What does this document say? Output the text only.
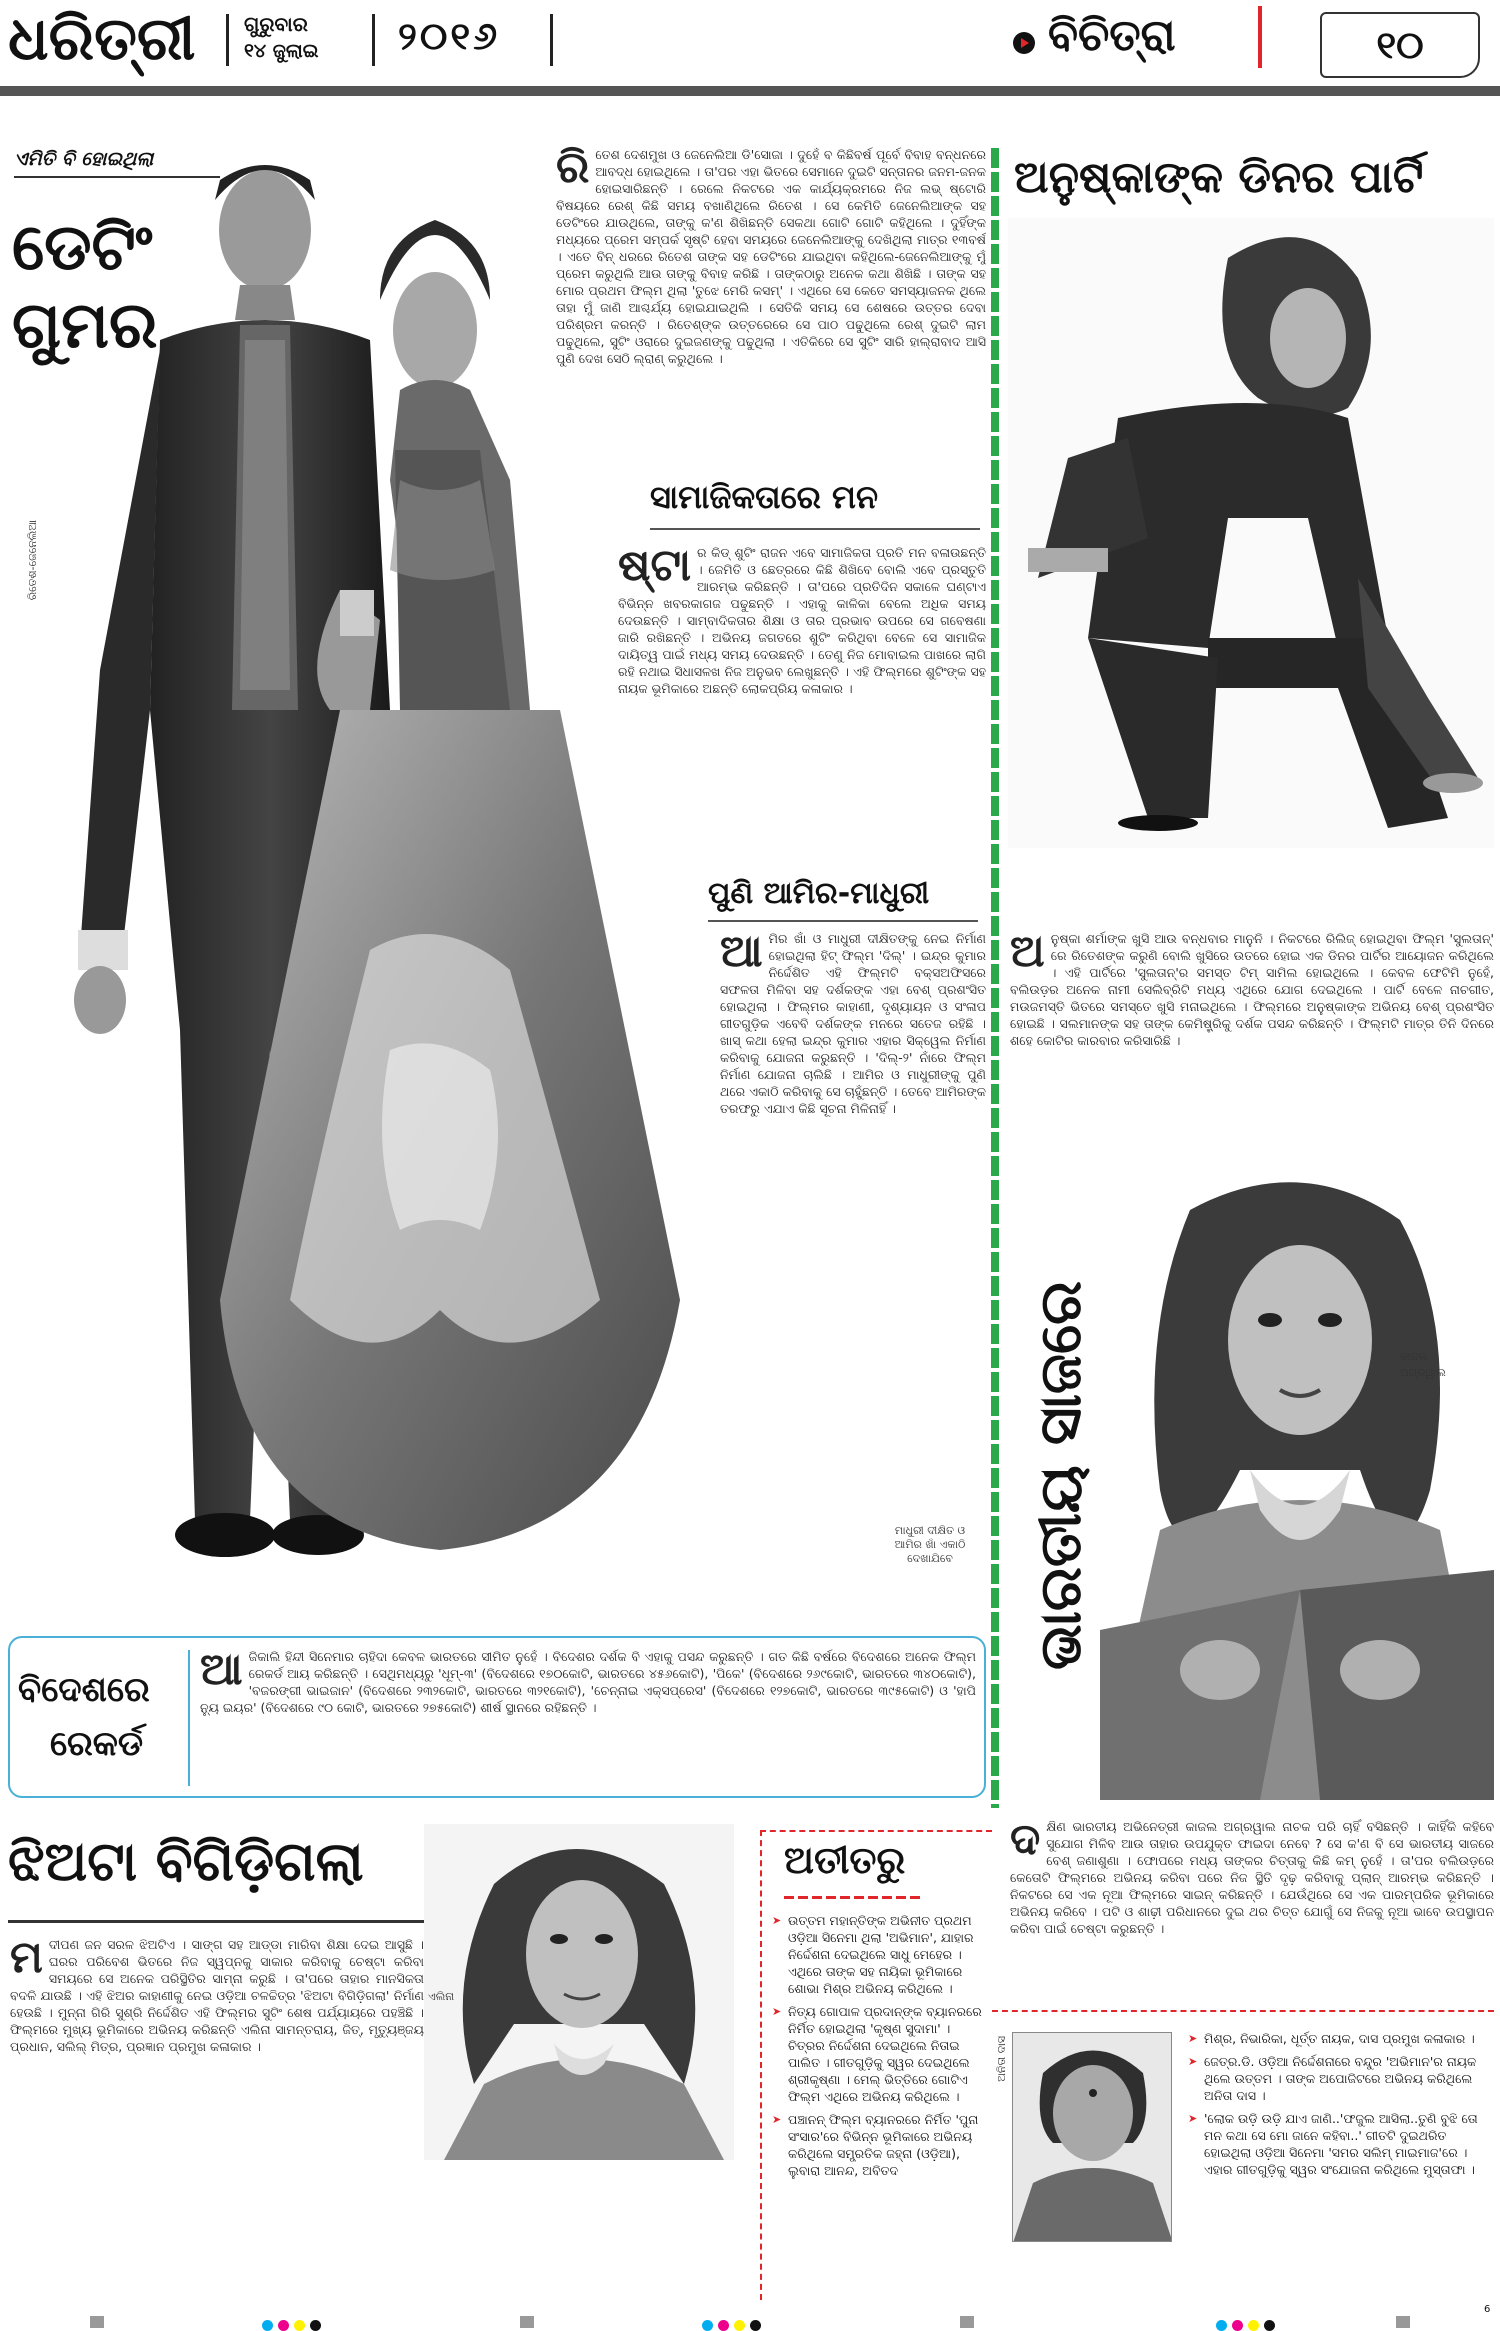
ଧରିତ୍ରୀ ଗୁରୁବାର
୧୪ ଜୁଲାଇ ୨୦୧୬	ବିଚିତ୍ରା	୧୦
ଏମିତି ବି ହୋଇଥିଲା
ଡେଟିଂ
ଗୁମର
ରିତେଶ-ଜେନେଲିଆ
ରିତେଶ ଦେଶମୁଖ ଓ ଜେନେଲିଆ ଡି'ସୋଜା । ଦୁହେଁ ବ କିଛିବର୍ଷ ପୂର୍ବେ ବିବାହ ବନ୍ଧନରେ ଆବଦ୍ଧ ହୋଇଥିଲେ । ତା'ପର ଏହା ଭିତରେ ସେମାନେ ଦୁଇଟି ସନ୍ତାନର ଜନମ-ଜନକ ହୋଇସାରିଛନ୍ତି । ରେଲେ ନିକଟରେ ଏକ କାର୍ଯ୍ୟକ୍ରମରେ ନିଜ ଲଭ୍ ଷ୍ଟୋରି ବିଷୟରେ ରେଶ୍ କିଛି ସମୟ ବଖାଣିଥିଲେ ରିତେଶ । ସେ କେମିତି ଜେନେଲିଆଙ୍କ ସହ ଡେଟିଂରେ ଯାଉଥିଲେ, ତାଙ୍କୁ କ'ଣ ଶିଖିଛନ୍ତି ସେକଥା ଗୋଟି ଗୋଟି କହିଥିଲେ । ଦୁହିଁଙ୍କ ମଧ୍ୟରେ ପ୍ରେମ ସମ୍ପର୍କ ସୃଷ୍ଟି ହେବା ସମୟରେ ଜେନେଲିଆଙ୍କୁ ଦେଖିଥିଲା ମାତ୍ର ୧୩ବର୍ଷ । ଏତେ ବିନ୍ ଧରରେ ରିତେଶ ତାଙ୍କ ସହ ଡେଟିଂରେ ଯାଇଥିବା କହିଥିଲେ-ଜେନେଲିଆଙ୍କୁ ମୁଁ ପ୍ରେମ କରୁଥିଲି ଆଉ ତାଙ୍କୁ ବିବାହ କରିଛି । ତାଙ୍କଠାରୁ ଅନେକ କଥା ଶିଖିଛି । ତାଙ୍କ ସହ ମୋର ପ୍ରଥମ ଫିଲ୍ମ ଥିଲା 'ତୁଝେ ମେରି କସମ୍' । ଏଥିରେ ସେ କେତେ ସମସ୍ୟାଜନକ ଥିଲେ ତାହା ମୁଁ ଜାଣି ଆଶ୍ଚର୍ଯ୍ୟ ହୋଇଯାଇଥିଲି । ସେତିକି ସମୟ ସେ ଶେଷରେ ଉତ୍ତର ଦେବା ପରିଶ୍ରମ କରନ୍ତି । ରିତେଶ୍ଙ୍କ ଉତ୍ତରେରେ ସେ ପାଠ ପଢୁଥିଲେ ରେଶ୍ ଦୁଇଟି ଲାମ ପଢୁଥିଲେ, ସୁଟିଂ ଓରାରେ ଦୁଇଜଣଙ୍କୁ ପଢୁଥିଲା । ଏତିକିରେ ସେ ସୁଟିଂ ସାରି ହାଲ୍ରାବାଦ ଆସି ପୁଣି ଦେଖ ସେଠି ଲ୍ରାଣ୍ କରୁଥିଲେ ।
ସାମାଜିକତାରେ ମନ
ଷ୍ଟା ର କିଡ୍ ଶୁଟିଂ ରାଜନ ଏବେ ସାମାଜିକତା ପ୍ରତି ମନ ବଳାଉଛନ୍ତି । ଜେମିତି ଓ ଛେତ୍ରରେ କିଛି ଶିଖିବେ ବୋଲି ଏବେ ପ୍ରସ୍ତୁତି ଆରମ୍ଭ କରିଛନ୍ତି । ତା'ପରେ ପ୍ରତିଦିନ ସକାଳେ ଘଣ୍ଟାଏ ବିଭିନ୍ନ ଖବରକାଗଜ ପଢୁଛନ୍ତି । ଏହାକୁ କାଳିକା ବେଲେ ଅଧିକ ସମୟ ଦେଉଛନ୍ତି । ସାମ୍ବାଦିକତାର ଶିକ୍ଷା ଓ ତାର ପ୍ରଭାବ ଉପରେ ସେ ଗବେଷଣା ଜାରି ରଖିଛନ୍ତି । ଅଭିନୟ ଜଗତରେ ଶୁଟିଂ କରିଥିବା ବେଳେ ସେ ସାମାଜିକ ଦାୟିତ୍ୱ ପାଇଁ ମଧ୍ୟ ସମୟ ଦେଉଛନ୍ତି । ତେଣୁ ନିଜ ମୋବାଇଲ ପାଖରେ ଲାଗି ରହି ନଥାଇ ସିଧାସଳଖ ନିଜ ଅନୁଭବ ଲେଖୁଛନ୍ତି । ଏହି ଫିଲ୍ମରେ ଶୁଟିଂଙ୍କ ସହ ନାୟକ ଭୂମିକାରେ ଅଛନ୍ତି ଲୋକପ୍ରିୟ କଳାକାର ।
ପୁଣି ଆମିର-ମାଧୁରୀ
ଆମିର ଖାଁ ଓ ମାଧୁରୀ ଦୀକ୍ଷିତଙ୍କୁ ନେଇ ନିର୍ମାଣ ହୋଇଥିଲା ହିଟ୍ ଫିଲ୍ମ 'ଦିଲ୍' । ଇନ୍ଦ୍ର କୁମାର ନିର୍ଦ୍ଦେଶିତ ଏହି ଫିଲ୍ମଟି ବକ୍ସଅଫିସରେ ସଫଳତା ମିଳିବା ସହ ଦର୍ଶକଙ୍କ ଏହା ବେଶ୍ ପ୍ରଶଂସିତ ହୋଇଥିଲା । ଫିଲ୍ମର କାହାଣୀ, ଦୃଶ୍ୟାୟନ ଓ ସଂଳାପ ଗୀତଗୁଡ଼ିକ ଏବେବି ଦର୍ଶକଙ୍କ ମନରେ ସତେଜ ରହିଛି । ଖାସ୍ କଥା ହେଲା ଇନ୍ଦ୍ର କୁମାର ଏହାର ସିକ୍ୱେଲ ନିର୍ମାଣ କରିବାକୁ ଯୋଜନା କରୁଛନ୍ତି । 'ଦିଲ୍-୨' ନାଁରେ ଫିଲ୍ମ ନିର୍ମାଣ ଯୋଜନା ଚାଲିଛି । ଆମିର ଓ ମାଧୁରୀଙ୍କୁ ପୁଣି ଥରେ ଏକାଠି କରିବାକୁ ସେ ଚାହୁଁଛନ୍ତି । ତେବେ ଆମିରଙ୍କ ତରଫରୁ ଏଯାଏ କିଛି ସୂଚନା ମିଳିନାହିଁ ।
ମାଧୁରୀ ଦୀକ୍ଷିତ ଓ ଆମିର ଖାଁ ଏକାଠି ଦେଖାଯିବେ
ଅନୁଷ୍କାଙ୍କ ଡିନର ପାର୍ଟି
ଅନୁଷ୍କା ଶର୍ମାଙ୍କ ଖୁସି ଆଉ ବନ୍ଧବାର ମାନୁନି । ନିକଟରେ ରିଲିଜ୍ ହୋଇଥିବା ଫିଲ୍ମ 'ସୁଲତାନ୍' ରେ ରିତେଶଙ୍କ କରୁଣି ବୋଲି ଖୁସିରେ ଉତରେ ହୋଇ ଏକ ଡିନର ପାର୍ଟିର ଆୟୋଜନ କରିଥିଲେ । ଏହି ପାର୍ଟିରେ 'ସୁଲତାନ୍'ର ସମସ୍ତ ଟିମ୍ ସାମିଲ ହୋଇଥିଲେ । କେବଳ ଫେଟିମି ନୁହେଁ, ବଲିଉଡ଼ର ଅନେକ ନାମୀ ସେଲିବ୍ରିଟି ମଧ୍ୟ ଏଥିରେ ଯୋଗ ଦେଇଥିଲେ । ପାର୍ଟି ବେଳେ ନାଚଗୀତ, ମଉଜମସ୍ତି ଭିତରେ ସମସ୍ତେ ଖୁସି ମନାଇଥିଲେ । ଫିଲ୍ମରେ ଅନୁଷ୍କାଙ୍କ ଅଭିନୟ ବେଶ୍ ପ୍ରଶଂସିତ ହୋଇଛି । ସଲମାନଙ୍କ ସହ ତାଙ୍କ କେମିଷ୍ଟ୍ରିକୁ ଦର୍ଶକ ପସନ୍ଦ କରିଛନ୍ତି । ଫିଲ୍ମଟି ମାତ୍ର ତିନି ଦିନରେ ଶହେ କୋଟିର କାରବାର କରିସାରିଛି ।
ଭାରତୀୟ ସାଜରେ	କାଜଲ
ଅଗ୍ରୱାଲ
ଦକ୍ଷିଣ ଭାରତୀୟ ଅଭିନେତ୍ରୀ କାଜଲ ଅଗ୍ରୱାଲ ନାଚକ ପରି ଚାହିଁ ବସିଛନ୍ତି । କାହିଁକି କହିବେ ସୁଯୋଗ ମିଳିବ ଆଉ ତାହାର ଉପଯୁକ୍ତ ଫାଇଦା ନେବେ ? ସେ କ'ଣ ବି ସେ ଭାରତୀୟ ସାଜରେ ବେଶ୍ ଜଣାଶୁଣା । ଫୋପରେ ମଧ୍ୟ ତାଙ୍କର ଚିତ୍ତାକୁ କିଛି କମ୍ ନୁହେଁ । ତା'ପର ବଲିଉଡ଼ରେ କେତୋଟି ଫିଲ୍ମରେ ଅଭିନୟ କରିବା ପରେ ନିଜ ସ୍ଥିତି ଦୃଢ଼ କରିବାକୁ ପ୍ଲାନ୍ ଆରମ୍ଭ କରିଛନ୍ତି । ନିକଟରେ ସେ ଏକ ନୂଆ ଫିଲ୍ମରେ ସାଇନ୍ କରିଛନ୍ତି । ଯେଉଁଥିରେ ସେ ଏକ ପାରମ୍ପରିକ ଭୂମିକାରେ ଅଭିନୟ କରିବେ । ପଟି ଓ ଶାଢ଼ୀ ପରିଧାନରେ ଦୁଇ ଥର ଚିତ୍ତ ଯୋଗୁଁ ସେ ନିଜକୁ ନୂଆ ଭାବେ ଉପସ୍ଥାପନ କରିବା ପାଇଁ ଚେଷ୍ଟା କରୁଛନ୍ତି ।
ବିଦେଶରେ
ରେକର୍ଡ
ଆଜିକାଲି ହିନ୍ଦୀ ସିନେମାର ଚାହିଦା କେବଳ ଭାରତରେ ସୀମିତ ନୁହେଁ । ବିଦେଶର ଦର୍ଶକ ବି ଏହାକୁ ପସନ୍ଦ କରୁଛନ୍ତି । ଗତ କିଛି ବର୍ଷରେ ବିଦେଶରେ ଅନେକ ଫିଲ୍ମ ରେକର୍ଡ ଆୟ କରିଛନ୍ତି । ସେଥିମଧ୍ୟରୁ 'ଧୂମ୍-୩' (ବିଦେଶରେ ୧୭୦କୋଟି, ଭାରତରେ ୪୫୬କୋଟି), 'ପିକେ' (ବିଦେଶରେ ୨୬୯କୋଟି, ଭାରତରେ ୩୪୦କୋଟି), 'ବଜରଙ୍ଗୀ ଭାଇଜାନ' (ବିଦେଶରେ ୨୩୨କୋଟି, ଭାରତରେ ୩୨୧କୋଟି), 'ଚେନ୍ନାଇ ଏକ୍ସପ୍ରେସ' (ବିଦେଶରେ ୧୨୭କୋଟି, ଭାରତରେ ୩୯୫କୋଟି) ଓ 'ହାପି ନ୍ୟୁ ଇୟର' (ବିଦେଶରେ ୯୦ କୋଟି, ଭାରତରେ ୨୭୫କୋଟି) ଶୀର୍ଷ ସ୍ଥାନରେ ରହିଛନ୍ତି ।
ଝିଅଟା ବିଗିଡ଼ିଗଲା
ଏଲିନା
ମଦୀପଣ ଜନ ସରଳ ଝିଅଟିଏ । ସାଙ୍ଗ ସହ ଆଡ୍ଡା ମାରିବା ଶିକ୍ଷା ଦେଇ ଆସୁଛି । ଘରର ପରିବେଶ ଭିତରେ ନିଜ ସ୍ୱପ୍ନକୁ ସାକାର କରିବାକୁ ଚେଷ୍ଟା କରିବା ସମୟରେ ସେ ଅନେକ ପରିସ୍ଥିତିର ସାମ୍ନା କରୁଛି । ତା'ପରେ ତାହାର ମାନସିକତା ବଦଳି ଯାଉଛି । ଏହି ଝିଅର କାହାଣୀକୁ ନେଇ ଓଡ଼ିଆ ଚଳଚ୍ଚିତ୍ର 'ଝିଅଟା ବିଗିଡ଼ିଗଲା' ନିର୍ମାଣ ହେଉଛି । ମୁନ୍ନା ଗିରି ସୁଶ୍ରି ନିର୍ଦ୍ଦେଶିତ ଏହି ଫିଲ୍ମର ସୁଟିଂ ଶେଷ ପର୍ଯ୍ୟାୟରେ ପହଞ୍ଚିଛି । ଫିଲ୍ମରେ ମୁଖ୍ୟ ଭୂମିକାରେ ଅଭିନୟ କରିଛନ୍ତି ଏଲିନା ସାମନ୍ତରାୟ, ଜିତ୍, ମୃତ୍ୟୁଞ୍ଜୟ ପ୍ରଧାନ, ସଲିଲ୍ ମିତ୍ର, ପ୍ରଜ୍ଞାନ ପ୍ରମୁଖ କଳାକାର ।
ଅତୀତରୁ
➤ ଉତ୍ତମ ମହାନ୍ତିଙ୍କ ଅଭିନୀତ ପ୍ରଥମ ଓଡ଼ିଆ ସିନେମା ଥିଲା 'ଅଭିମାନ', ଯାହାର ନିର୍ଦ୍ଦେଶନା ଦେଇଥିଲେ ସାଧୁ ମେହେର । ଏଥିରେ ତାଙ୍କ ସହ ନାୟିକା ଭୂମିକାରେ ଶୋଭା ମିଶ୍ର ଅଭିନୟ କରିଥିଲେ ।
➤ ନିତ୍ୟ ଗୋପାଳ ପ୍ରଦାନ୍ଙ୍କ ବ୍ୟାନରରେ ନିର୍ମିତ ହୋଇଥିଲା 'କୃଷ୍ଣ ସୁଦାମା' । ଚିତ୍ରର ନିର୍ଦ୍ଦେଶନା ଦେଇଥିଲେ ନିତାଇ ପାଲିତ । ଗୀତଗୁଡ଼ିକୁ ସ୍ୱର ଦେଇଥିଲେ ଶ୍ରୀକୃଷ୍ଣା । ମେଲ୍ ଭିତ୍ତିରେ ଗୋଟିଏ ଫିଲ୍ମ ଏଥିରେ ଅଭିନୟ କରିଥିଲେ ।
➤ ପଞ୍ଚାନନ୍ ଫିଲ୍ମ ବ୍ୟାନରରେ ନିର୍ମିତ 'ପୁନା ସଂସାର'ରେ ବିଭିନ୍ନ ଭୂମିକାରେ ଅଭିନୟ କରିଥିଲେ ସମ୍ପ୍ରତିକ ଜହ୍ନା (ଓଡ଼ିଆ), ଲୁବାରା ଆନନ୍ଦ, ଅବିତଦ
ଅନିତା ଦାସ
➤	ମିଶ୍ର, ନିଭାରିକା, ଧୂର୍ତ୍ତ ନାୟକ, ଦାସ ପ୍ରମୁଖ କଳାକାର ।
➤ ଜେତ୍ର.ଡି. ଓଡ଼ିଆ ନିର୍ଦ୍ଦେଶନାରେ ବନ୍ଦୁର 'ଅଭିମାନ'ର ନାୟକ ଥିଲେ ଉତ୍ତମ । ତାଙ୍କ ଅପୋଜିଟରେ ଅଭିନୟ କରିଥିଲେ ଅନିତା ଦାସ ।
➤ 'ଲୋକ ଉଡ଼ି ଉଡ଼ି ଯାଏ ଜାଣି..'ଫଜୁଲ ଆସିଲା..ତୁଣି ବୁଝି ତୋ ମନ କଥା ସେ ମୋ ଜାନେ କହିବା..' ଗୀତଟି ଦୁଇଥରିତ ହୋଇଥିଲା ଓଡ଼ିଆ ସିନେମା 'ସମର ସଲିମ୍ ମାଇମାଜ'ରେ । ଏହାର ଗୀତଗୁଡ଼ିକୁ ସ୍ୱର ସଂଯୋଜନା କରିଥିଲେ ମୁସ୍ତାଫା ।
6
